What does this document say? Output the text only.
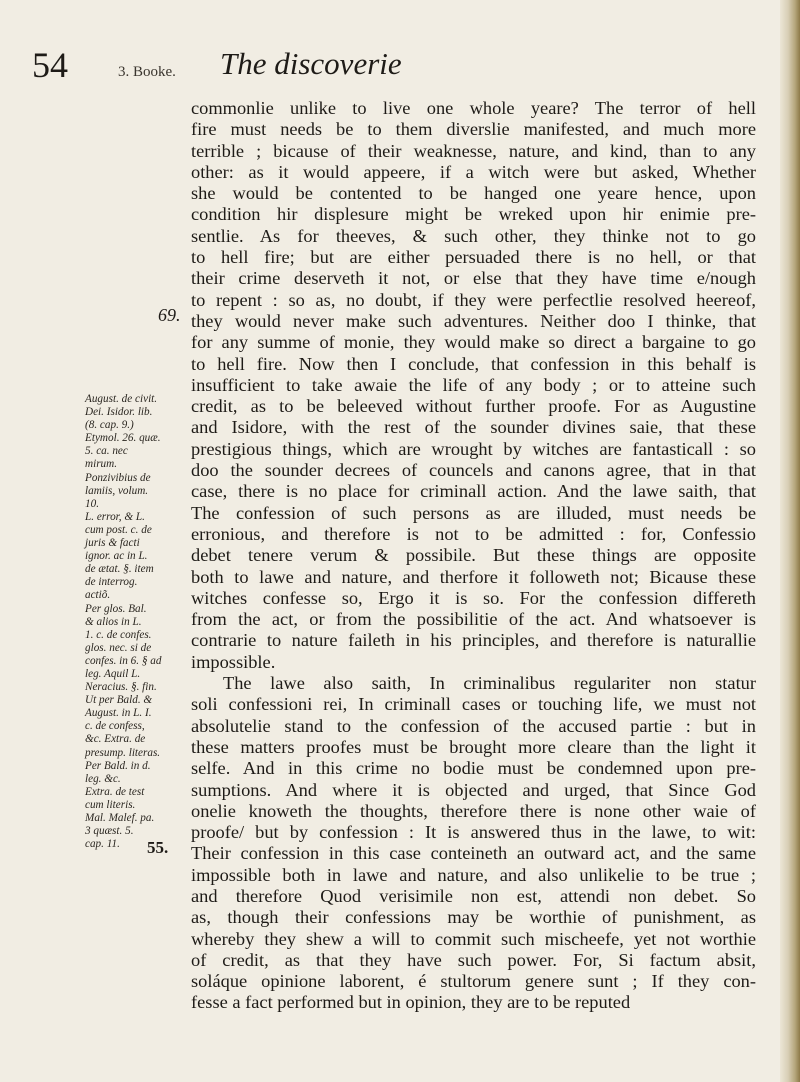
54	3. Booke. The discoverie
69.
55.
August. de civit.
Dei. Isidor. lib.
(8. cap. 9.)
Etymol. 26. quæ.
5. ca. nec
mirum.
Ponzivibius de
lamiis, volum.
10.
L. error, & L.
cum post. c. de
juris & facti
ignor. ac in L.
de ætat. §. item
de interrog.
actiõ.
Per glos. Bal.
& alios in L.
1. c. de confes.
glos. nec. si de
confes. in 6. § ad
leg. Aquil L.
Neracius. §. fin.
Ut per Bald. &
August. in L. I.
c. de confess,
&c. Extra. de
presump. literas.
Per Bald. in d.
leg. &c.
Extra. de test
cum literis.
Mal. Malef. pa.
3 quæst. 5.
cap. 11.
commonlie unlike to live one whole yeare? The terror of hell
fire must needs be to them diverslie manifested, and much more
terrible ; bicause of their weaknesse, nature, and kind, than to any
other: as it would appeere, if a witch were but asked, Whether
she would be contented to be hanged one yeare hence, upon
condition hir displesure might be wreked upon hir enimie pre-
sentlie. As for theeves, & such other, they thinke not to go
to hell fire; but are either persuaded there is no hell, or that
their crime deserveth it not, or else that they have time e/nough
to repent : so as, no doubt, if they were perfectlie resolved heereof,
they would never make such adventures. Neither doo I thinke, that
for any summe of monie, they would make so direct a bargaine to go
to hell fire. Now then I conclude, that confession in this behalf is
insufficient to take awaie the life of any body ; or to atteine such
credit, as to be beleeved without further proofe. For as Augustine
and Isidore, with the rest of the sounder divines saie, that these
prestigious things, which are wrought by witches are fantasticall : so
doo the sounder decrees of councels and canons agree, that in that
case, there is no place for criminall action. And the lawe saith, that
The confession of such persons as are illuded, must needs be
erronious, and therefore is not to be admitted : for, Confessio
debet tenere verum & possibile. But these things are opposite
both to lawe and nature, and therfore it followeth not; Bicause these
witches confesse so, Ergo it is so. For the confession differeth
from the act, or from the possibilitie of the act. And whatsoever is
contrarie to nature faileth in his principles, and therefore is naturallie
impossible.
The lawe also saith, In criminalibus regulariter non statur
soli confessioni rei, In criminall cases or touching life, we must not
absolutelie stand to the confession of the accused partie : but in
these matters proofes must be brought more cleare than the light it
selfe. And in this crime no bodie must be condemned upon pre-
sumptions. And where it is objected and urged, that Since God
onelie knoweth the thoughts, therefore there is none other waie of
proofe/ but by confession : It is answered thus in the lawe, to wit:
Their confession in this case conteineth an outward act, and the same
impossible both in lawe and nature, and also unlikelie to be true ;
and therefore Quod verisimile non est, attendi non debet. So
as, though their confessions may be worthie of punishment, as
whereby they shew a will to commit such mischeefe, yet not worthie
of credit, as that they have such power. For, Si factum absit,
soláque opinione laborent, é stultorum genere sunt ; If they con-
fesse a fact performed but in opinion, they are to be reputed
